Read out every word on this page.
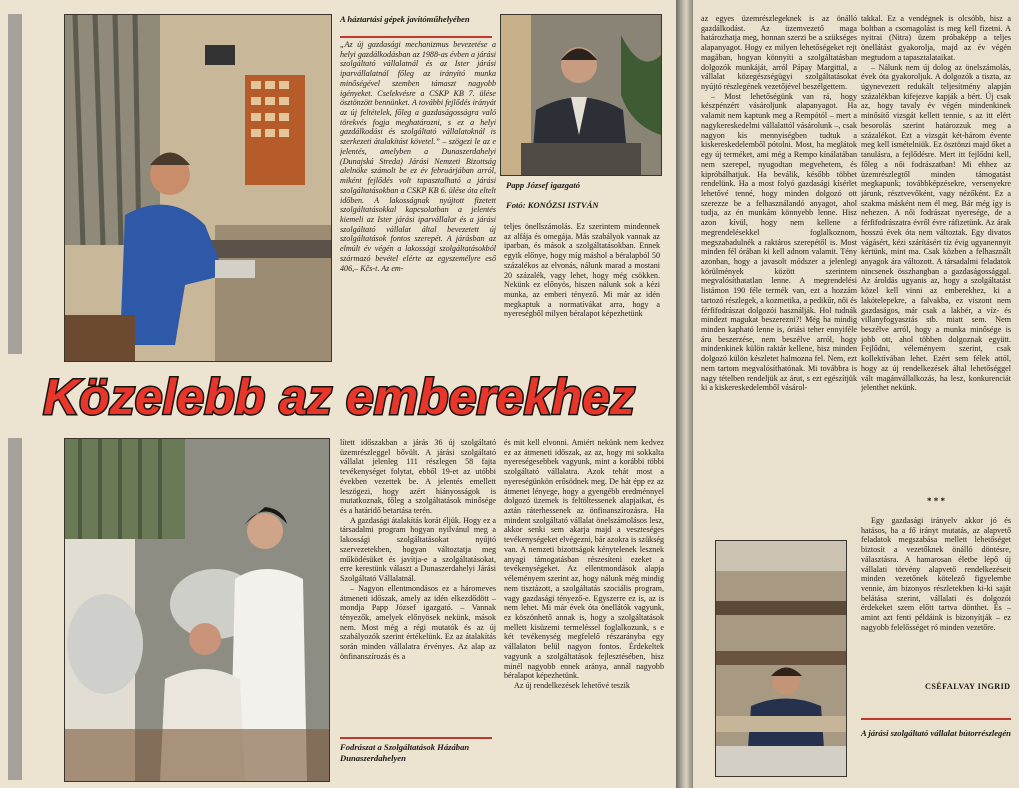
A háztartási gépek javítóműhelyében
Papp József igazgató
Fotó: KONÓZSI ISTVÁN

„Az új gazdasági mechanizmus bevezetése a helyi gazdálkodásban az 1988-as évben a járási szolgáltató vállalatnál és az Ister járási iparvállalatnál főleg az irányító munka minőségével szemben támaszt nagyobb igényeket. Cselekvésre a CSKP KB 7. ülése ösztönzött bennünket. A további fejlődés irányát az új feltételek, főleg a gazdaságosságra való törekvés fogja meghatározni, s ez a helyi gazdálkodási és szolgáltató vállalatoknál is szerkezeti átalakítást követel.” – szögezi le az e jelentés, amelyben a Dunaszerdahelyi (Dunajská Streda) Járási Nemzeti Bizottság alelnöke számolt be ez év februárjában arról, miként fejlődés volt tapasztalható a járási szolgáltatásokban a CSKP KB 6. ülése óta eltelt időben. A lakosságnak nyújtott fizetett szolgáltatásokkal kapcsolatban a jelentés kiemeli az Ister járási iparvállalat és a járási szolgáltató vállalat által bevezetett új szolgáltatások fontos szerepét. A járásban az elmúlt év végén a lakossági szolgáltatásokból származó bevétel elérte az egyszemélyre eső 406,– Kčs-t. Az em-

teljes önellszámolás. Ez szerintem mindennek az alfája és omegája. Más szabályok vannak az iparban, és mások a szolgáltatásokban. Ennek egyik előnye, hogy míg máshol a béralapból 50 százalékos az elvonás, nálunk marad a mostani 20 százalék, vagy lehet, hogy még csökken. Nekünk ez előnyös, hiszen nálunk sok a kézi munka, az emberi tényező. Mi már az idén megkaptuk a normatívákat arra, hogy a nyereségből milyen béralapot képezhetünk

Közelebb az emberekhez
Fodrászat a Szolgáltatások Házában Dunaszerdahelyen

lített időszakban a járás 36 új szolgáltató üzemrészleggel bővült. A járási szolgáltató vállalat jelenleg 111 részlegen 58 fajta tevékenységet folytat, ebből 19-et az utóbbi években vezettek be. A jelentés emellett leszögezi, hogy azért hiányosságok is mutatkoznak, főleg a szolgáltatások minősége és a határidő betartása terén.

A gazdasági átalakítás korát éljük. Hogy ez a társadalmi program hogyan nyilvánul meg a lakossági szolgáltatásokat nyújtó szervezetekben, hogyan változtatja meg működésüket és javítja-e a szolgáltatásokat, erre kerestünk választ a Dunaszerdahelyi Járási Szolgáltató Vállalatnál.

– Nagyon ellentmondásos ez a háromeves átmeneti időszak, amely az idén elkezdődött – mondja Papp József igazgató. – Vannak tényezők, amelyek előnyösek nekünk, mások nem. Most még a régi mutatók és az új szabályozók szerint értékelünk. Ez az átalakítás során minden vállalatra érvényes. Az alap az önfinanszírozás és a

és mit kell elvonni. Amiért nekünk nem kedvez ez az átmeneti időszak, az az, hogy mi sokkalta nyereségesebbek vagyunk, mint a korábbi többi szolgáltató vállalatra. Azok tehát most a nyereségünkön erősödnek meg. De hát épp ez az átmenet lényege, hogy a gyengébb eredménnyel dolgozó üzemek is feltöltessenek alapjaikat, és aztán ráterhessenek az önfinanszírozásra. Ha mindent szolgáltató vállalat önelszámolásos lesz, akkor senki sem akarja majd a veszteséges tevékenységeket elvégezni, bár azokra is szükség van. A nemzeti bizottságok kénytelenek lesznek anyagi támogatásban részesíteni ezeket a tevékenységeket. Az ellentmondások alapja véleményem szerint az, hogy nálunk még mindig nem tisztázott, a szolgáltatás szociális program, vagy gazdasági tényező-e. Egyszerre ez is, az is nem lehet. Mi már évek óta önellátók vagyunk, ez köszönhető annak is, hogy a szolgáltatások mellett kisüzemi termeléssel foglalkozunk, s e két tevékenység megfelelő részarányba egy vállalaton belül nagyon fontos. Érdekeltek vagyunk a szolgáltatások fejlesztésében, hisz minél nagyobb ennek aránya, annál nagyobb béralapot képezhetünk.

Az új rendelkezések lehetővé teszik

az egyes üzemrészlegeknek is az önálló gazdálkodást. Az üzemvezető maga határozhatja meg, honnan szerzi be a szükséges alapanyagot. Hogy ez milyen lehetőségeket rejt magában, hogyan könnyíti a szolgáltatásban dolgozók munkáját, arról Pápay Margittal, a vállalat közegészségügyi szolgáltatásokat nyújtó részlegének vezetőjével beszélgettem.

– Most lehetőségünk van rá, hogy készpénzért vásároljunk alapanyagot. Ha valamit nem kaptunk meg a Rempótól – mert a nagykereskedelmi vállalattól vásárolunk –, csak nagyon kis mennyiségben tudtuk a kiskereskedelemből pótolni. Most, ha meglátok egy új terméket, ami még a Rempo kínálatában nem szerepel, nyugodtan megvehetem, és kipróbálhatjuk. Ha beválik, később többet rendelünk. Ha a most folyó gazdasági kísérlet lehetővé tenné, hogy minden dolgozó ott szerezze be a felhasználandó anyagot, ahol tudja, az én munkám könnyebb lenne. Hisz azon kívül, hogy nem kellene a megrendelésekkel foglalkoznom, megszabadulnék a raktáros szerepétől is. Most minden fél órában ki kell adnom valamit. Tény azonban, hogy a javasolt módszer a jelenlegi körülmények között szerintem megvalósíthatatlan lenne. A megrendelési listámon 190 féle termék van, ezt a hozzám tartozó részlegek, a kozmetika, a pedikűr, női és férfifodrászat dolgozói használják. Hol tudnák mindezt magukat beszerezni?! Még ha mindig minden kapható lenne is, óriási teher ennyiféle áru beszerzése, nem beszélve arról, hogy mindenkinek külön raktár kellene, hisz minden dolgozó külön készletet halmozna fel. Nem, ezt nem tartom megvalósíthatónak. Mi továbbra is nagy tételben rendeljük az árut, s ezt egészítjük ki a kiskereskedelemből vásárol-

takkal. Ez a vendégnek is olcsóbb, hisz a boltban a csomagolást is meg kell fizetni. A nyitrai (Nitra) üzem próbaképp a teljes önellátást gyakorolja, majd az év végén megtudom a tapasztalataikat.

– Nálunk nem új dolog az önelszámolás, évek óta gyakoroljuk. A dolgozók a tiszta, az úgynevezett redukált teljesítmény alapján százalékban kifejezve kapják a bért. Új csak az, hogy tavaly év végén mindenkinek minősítő vizsgát kellett tennie, s az itt elért besorolás szerint határozzuk meg a százalékot. Ezt a vizsgát két-három évente meg kell ismételniük. Ez ösztönzi majd őket a tanulásra, a fejlődésre. Mert itt fejlődni kell, főleg a női fodrászatban! Mi ehhez az üzemrészlegtől minden támogatást megkapunk; továbbképzésekre, versenyekre járunk, résztvevőként, vagy nézőként. Ez a szakma másként nem él meg. Bár még így is nehezen. A női fodrászat nyeresége, de a férfifodrászatra évről évre ráfizetünk. Az árak hosszú évek óta nem változtak. Egy divatos vágásért, kézi szárításért tíz évig ugyanennyit kértünk, mint ma. Csak közben a felhasznált anyagok ára változott. A társadalmi feladatok nincsenek összhangban a gazdaságossággal. Az ároldás ugyanis az, hogy a szolgáltatást közel kell vinni az emberekhez, ki a lakótelepekre, a falvakba, ez viszont nem gazdaságos, már csak a lakbér, a víz- és villanyfogyasztás stb. miatt sem. Nem beszélve arról, hogy a munka minősége is jobb ott, ahol többen dolgoznak együtt. Fejlődni, véleményem szerint, csak kollektívában lehet. Ezért sem félek attól, hogy az új rendelkezések által lehetőséggel vált magánvállalkozás, ha lesz, konkurenciát jelenthet nekünk.

* * *

Egy gazdasági irányelv akkor jó és hatásos, ha a fő irányt mutatás, az alapvető feladatok megszabása mellett lehetőséget biztosít a vezetőknek önálló döntésre, választásra. A hamarosan életbe lépő új vállalati törvény alapvető rendelkezéseit minden vezetőnek kötelező figyelembe vennie, ám bizonyos részletekben ki-ki saját belátása szerint, vállalati és dolgozói érdekeket szem előtt tartva dönthet. És – amint azt fenti példáink is bizonyítják – ez nagyobb felelősséget ró minden vezetőre.

CSÉFALVAY INGRID
A járási szolgáltató vállalat bútorrészlegén
